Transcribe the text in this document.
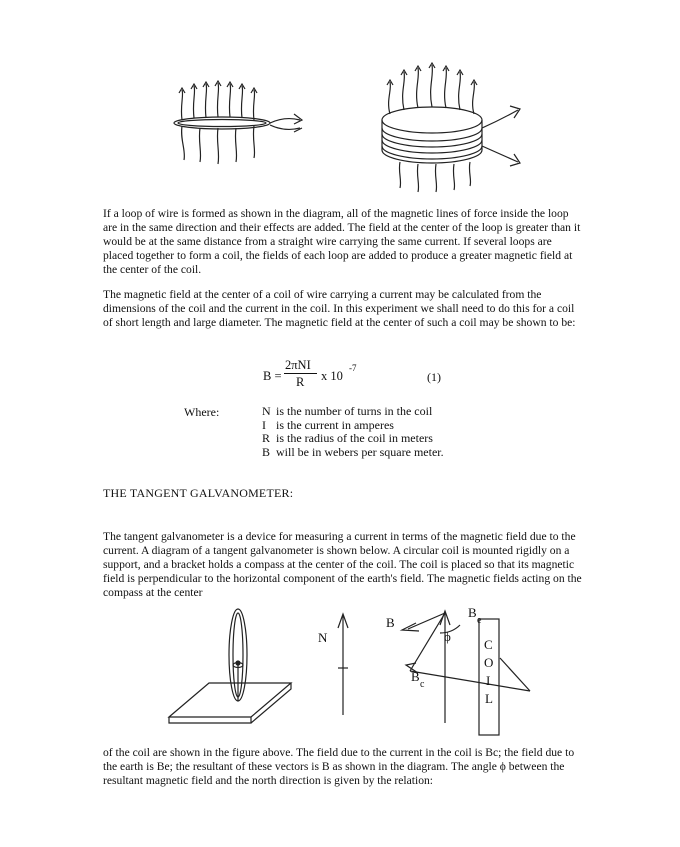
If a loop of wire is formed as shown in the diagram, all of the magnetic lines of force inside the loop are in the same direction and their effects are added. The field at the center of the loop is greater than it would be at the same distance from a straight wire carrying the same current. If several loops are placed together to form a coil, the fields of each loop are added to produce a greater magnetic field at the center of the coil.
The magnetic field at the center of a coil of wire carrying a current may be calculated from the dimensions of the coil and the current in the coil. In this experiment we shall need to do this for a coil of short length and large diameter. The magnetic field at the center of such a coil may be shown to be:
B =
2πNI
R x 10
-7
(1)
Where:	N is the number of turns in the coil
I is the current in amperes
R is the radius of the coil in meters
B will be in webers per square meter.
THE TANGENT GALVANOMETER:
The tangent galvanometer is a device for measuring a current in terms of the magnetic field due to the current. A diagram of a tangent galvanometer is shown below. A circular coil is mounted rigidly on a support, and a bracket holds a compass at the center of the coil. The coil is placed so that its magnetic field is perpendicular to the horizontal component of the earth's field. The magnetic fields acting on the compass at the center
N
B
B
e
ϕ
B
c
C
O
I
L
of the coil are shown in the figure above. The field due to the current in the coil is Bc; the field due to the earth is Be; the resultant of these vectors is B as shown in the diagram. The angle ϕ between the resultant magnetic field and the north direction is given by the relation:
